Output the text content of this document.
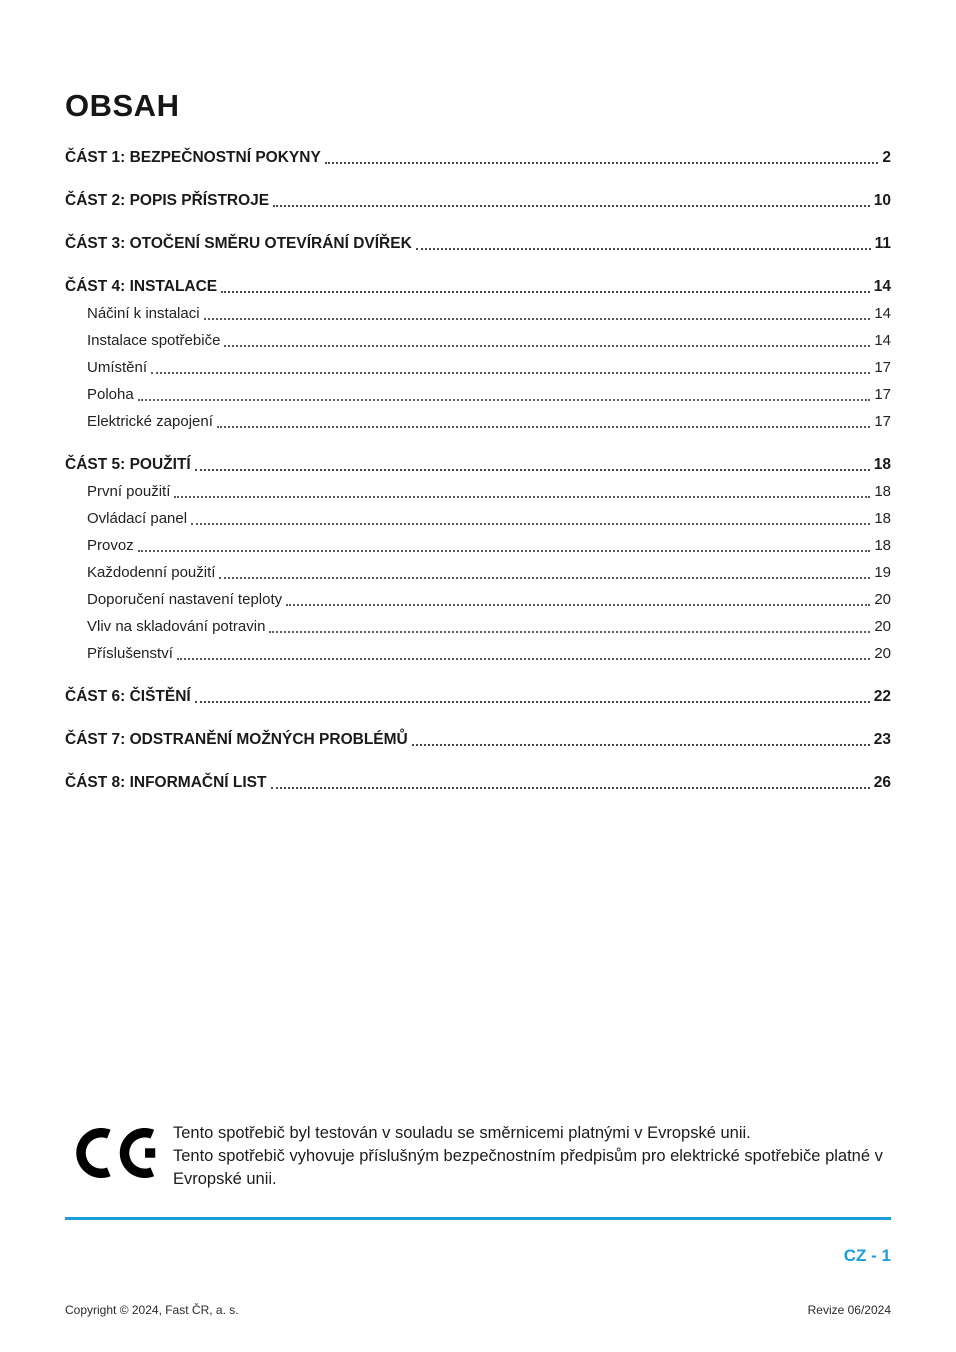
OBSAH
ČÁST 1: BEZPEČNOSTNÍ POKYNY	2
ČÁST 2: POPIS PŘÍSTROJE	10
ČÁST 3: OTOČENÍ SMĚRU OTEVÍRÁNÍ DVÍŘEK	11
ČÁST 4: INSTALACE	14
Náčiní k instalaci	14
Instalace spotřebiče	14
Umístění	17
Poloha	17
Elektrické zapojení	17
ČÁST 5: POUŽITÍ	18
První použití	18
Ovládací panel	18
Provoz	18
Každodenní použití	19
Doporučení nastavení teploty	20
Vliv na skladování potravin	20
Příslušenství	20
ČÁST 6: ČIŠTĚNÍ	22
ČÁST 7: ODSTRANĚNÍ MOŽNÝCH PROBLÉMŮ	23
ČÁST 8: INFORMAČNÍ LIST	26

Tento spotřebič byl testován v souladu se směrnicemi platnými v Evropské unii.

Tento spotřebič vyhovuje příslušným bezpečnostním předpisům pro elektrické spotřebiče platné v Evropské unii.

CZ - 1
Copyright © 2024, Fast ČR, a. s.	Revize 06/2024
